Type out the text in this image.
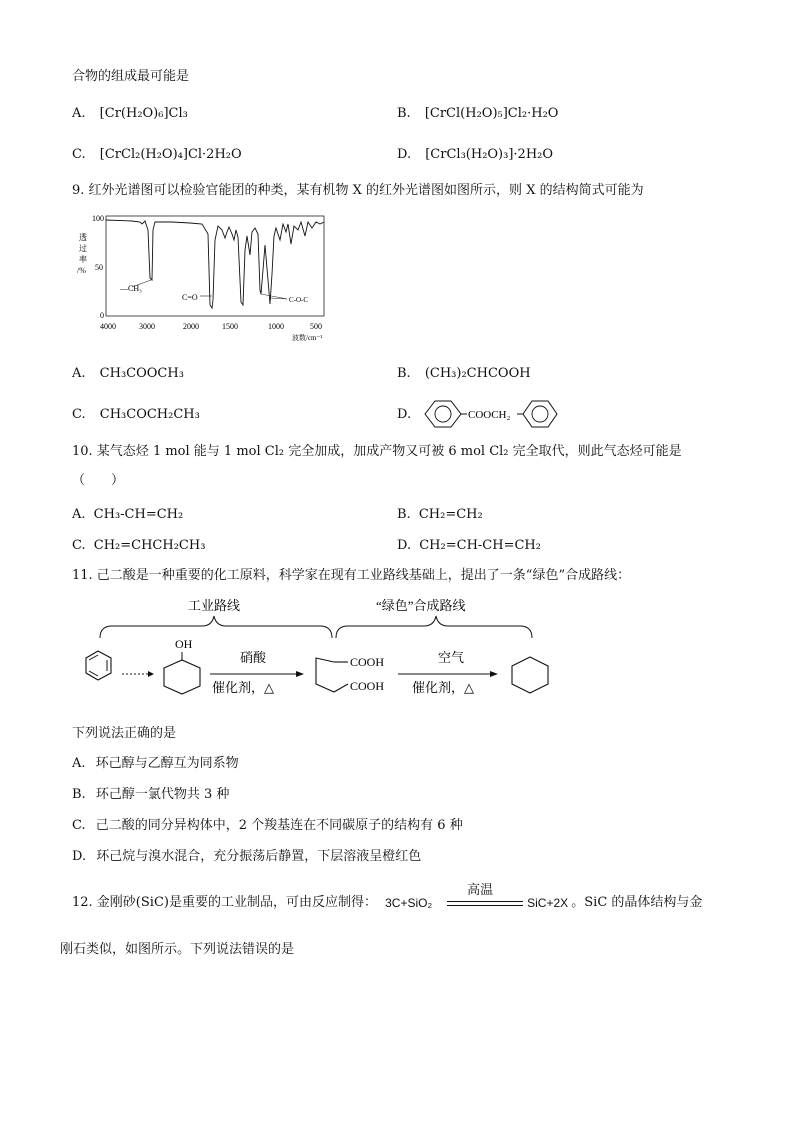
合物的组成最可能是
A. [Cr(H₂O)₆]Cl₃	B. [CrCl(H₂O)₅]Cl₂·H₂O
C. [CrCl₂(H₂O)₄]Cl·2H₂O	D. [CrCl₃(H₂O)₃]·2H₂O
9. 红外光谱图可以检验官能团的种类，某有机物 X 的红外光谱图如图所示，则 X 的结构简式可能为
透
过
率
/%
100
50
0
—CH₃
C=O	C-O-C
4000	3000	2000	1500	1000	500
波数/cm⁻¹
A. CH₃COOCH₃	B. (CH₃)₂CHCOOH
C. CH₃COCH₂CH₃	D.	COOCH₂
10. 某气态烃 1 mol 能与 1 mol Cl₂ 完全加成，加成产物又可被 6 mol Cl₂ 完全取代，则此气态烃可能是
（　　）
A. CH₃-CH=CH₂	B. CH₂=CH₂
C. CH₂=CHCH₂CH₃	D. CH₂=CH-CH=CH₂
11. 己二酸是一种重要的化工原料，科学家在现有工业路线基础上，提出了一条“绿色”合成路线：
工业路线	“绿色”合成路线
OH
硝酸
催化剂，△
COOH
COOH
空气
催化剂，△
下列说法正确的是
A. 环己醇与乙醇互为同系物
B. 环己醇一氯代物共 3 种
C. 己二酸的同分异构体中，2 个羧基连在不同碳原子的结构有 6 种
D. 环己烷与溴水混合，充分振荡后静置，下层溶液呈橙红色
12. 金刚砂(SiC)是重要的工业制品，可由反应制得： 3C+SiO₂
高温
SiC+2X 。SiC 的晶体结构与金
刚石类似，如图所示。下列说法错误的是
